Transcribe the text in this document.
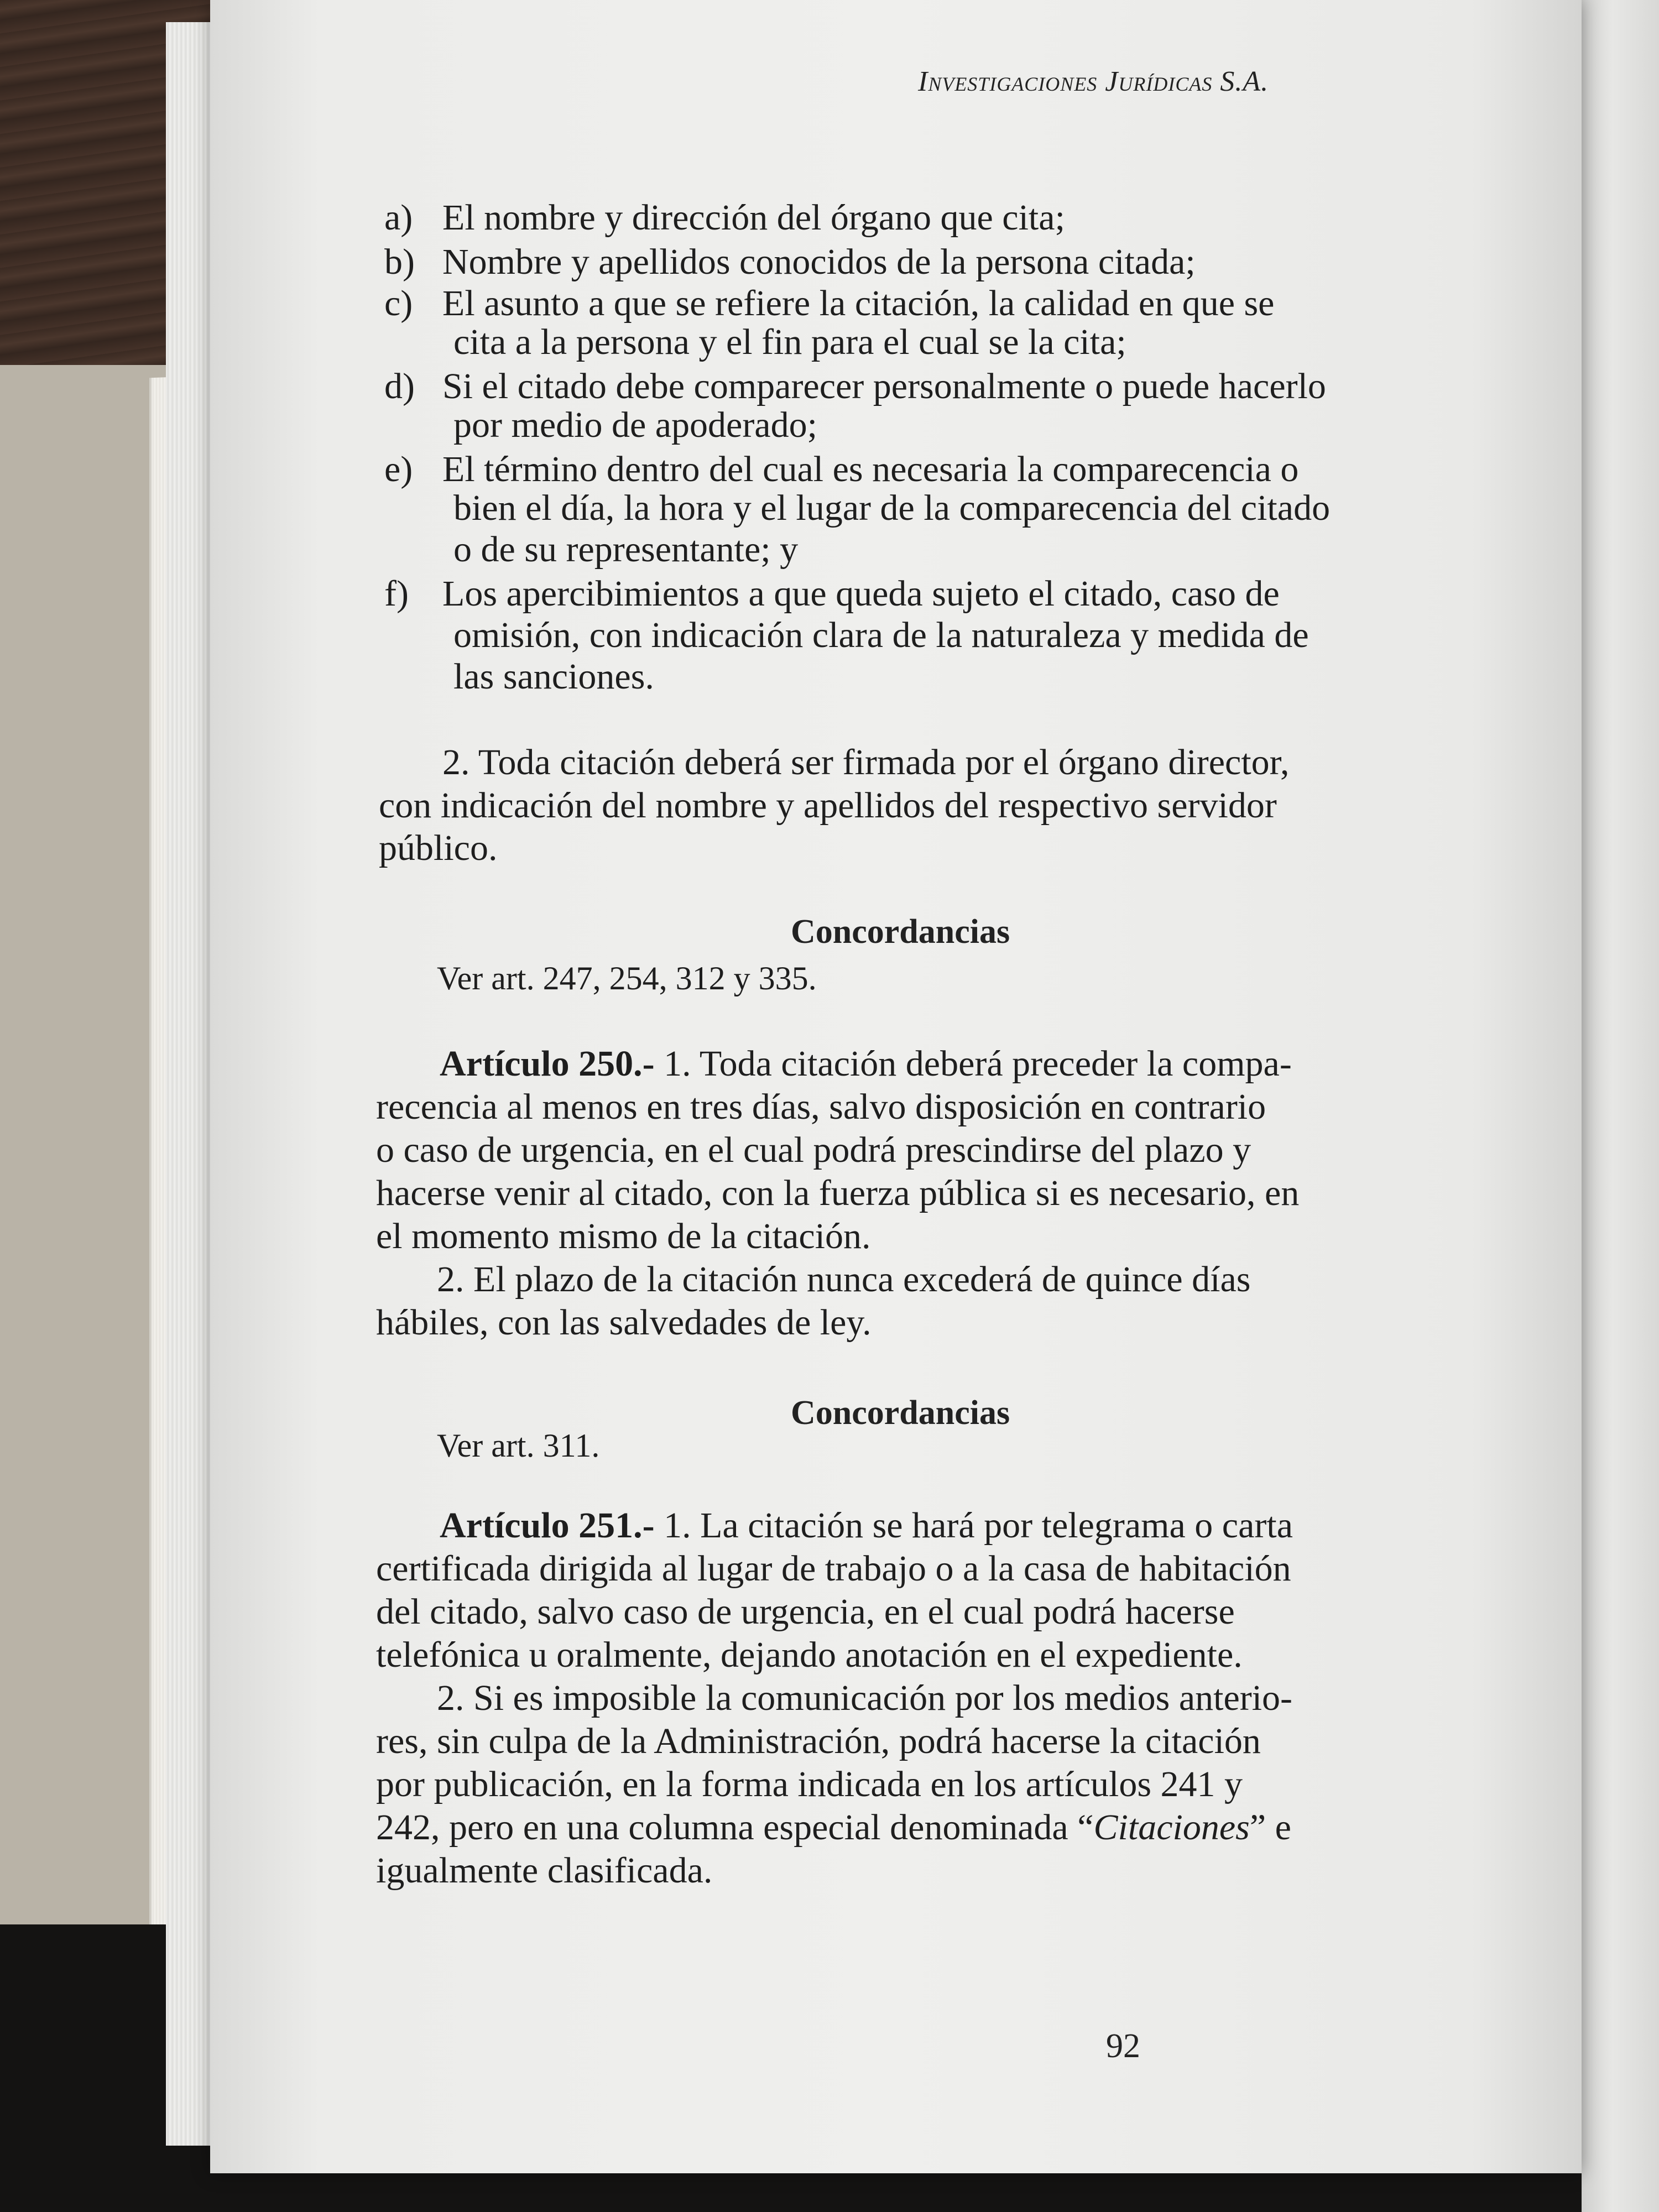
Investigaciones Jurídicas S.A.
a) El nombre y dirección del órgano que cita;
b) Nombre y apellidos conocidos de la persona citada;
c) El asunto a que se refiere la citación, la calidad en que se
cita a la persona y el fin para el cual se la cita;
d) Si el citado debe comparecer personalmente o puede hacerlo
por medio de apoderado;
e) El término dentro del cual es necesaria la comparecencia o
bien el día, la hora y el lugar de la comparecencia del citado
o de su representante; y
f) Los apercibimientos a que queda sujeto el citado, caso de
omisión, con indicación clara de la naturaleza y medida de
las sanciones.
2. Toda citación deberá ser firmada por el órgano director,
con indicación del nombre y apellidos del respectivo servidor
público.
Concordancias
Ver art. 247, 254, 312 y 335.
Artículo 250.- 1. Toda citación deberá preceder la compa-
recencia al menos en tres días, salvo disposición en contrario
o caso de urgencia, en el cual podrá prescindirse del plazo y
hacerse venir al citado, con la fuerza pública si es necesario, en
el momento mismo de la citación.
2. El plazo de la citación nunca excederá de quince días
hábiles, con las salvedades de ley.
Concordancias
Ver art. 311.
Artículo 251.- 1. La citación se hará por telegrama o carta
certificada dirigida al lugar de trabajo o a la casa de habitación
del citado, salvo caso de urgencia, en el cual podrá hacerse
telefónica u oralmente, dejando anotación en el expediente.
2. Si es imposible la comunicación por los medios anterio-
res, sin culpa de la Administración, podrá hacerse la citación
por publicación, en la forma indicada en los artículos 241 y
242, pero en una columna especial denominada “Citaciones” e
igualmente clasificada.
92
